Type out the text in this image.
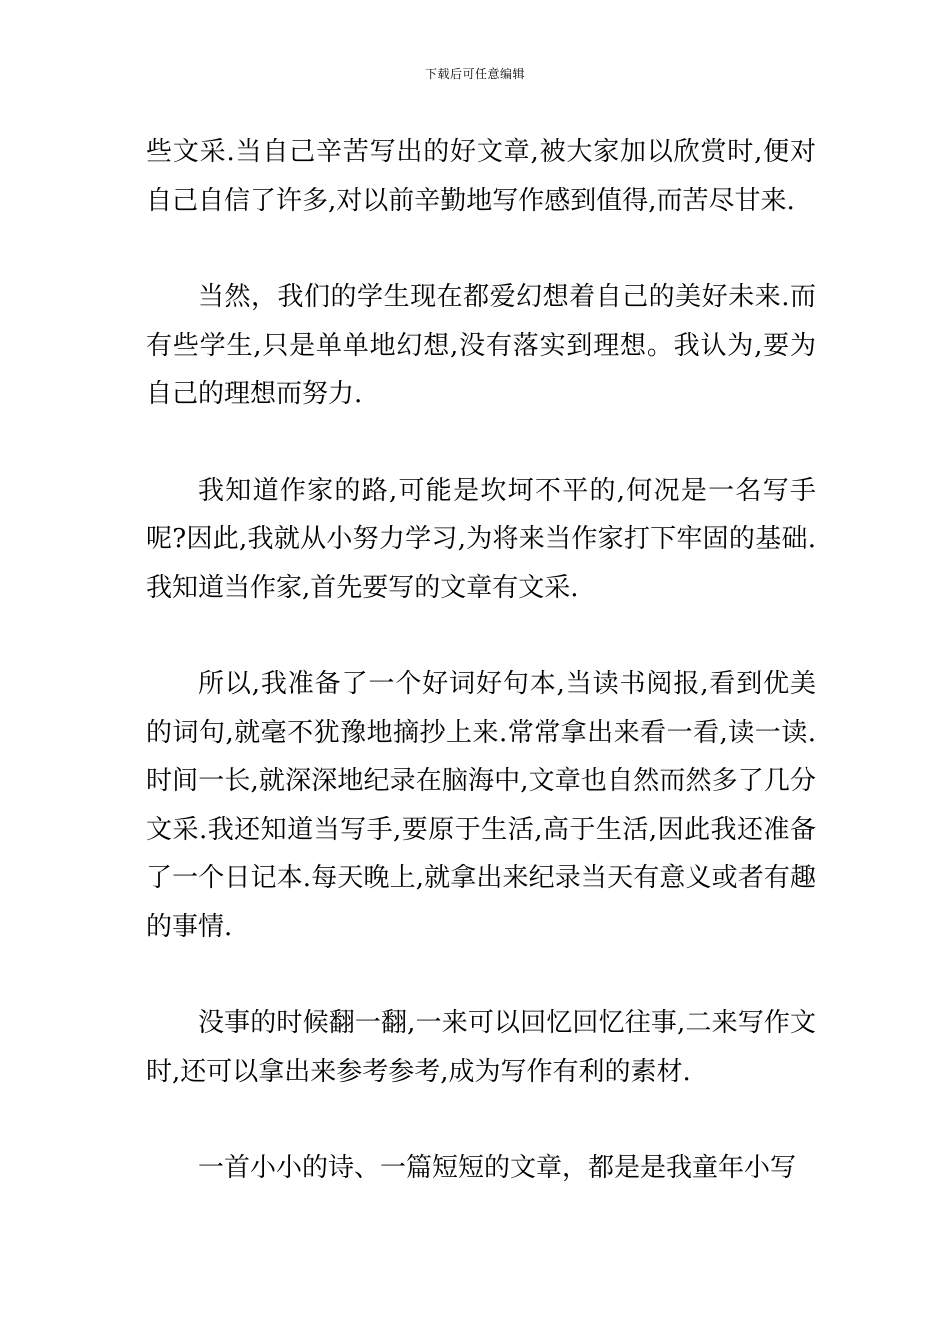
下载后可任意编辑

些文采.当自己辛苦写出的好文章,被大家加以欣赏时,便对自己自信了许多,对以前辛勤地写作感到值得,而苦尽甘来.

当然，我们的学生现在都爱幻想着自己的美好未来.而有些学生,只是单单地幻想,没有落实到理想。我认为,要为自己的理想而努力.

我知道作家的路,可能是坎坷不平的,何况是一名写手呢?因此,我就从小努力学习,为将来当作家打下牢固的基础.我知道当作家,首先要写的文章有文采.

所以,我准备了一个好词好句本,当读书阅报,看到优美的词句,就毫不犹豫地摘抄上来.常常拿出来看一看,读一读.时间一长,就深深地纪录在脑海中,文章也自然而然多了几分文采.我还知道当写手,要原于生活,高于生活,因此我还准备了一个日记本.每天晚上,就拿出来纪录当天有意义或者有趣的事情.

没事的时候翻一翻,一来可以回忆回忆往事,二来写作文时,还可以拿出来参考参考,成为写作有利的素材.

一首小小的诗、一篇短短的文章，都是是我童年小写
